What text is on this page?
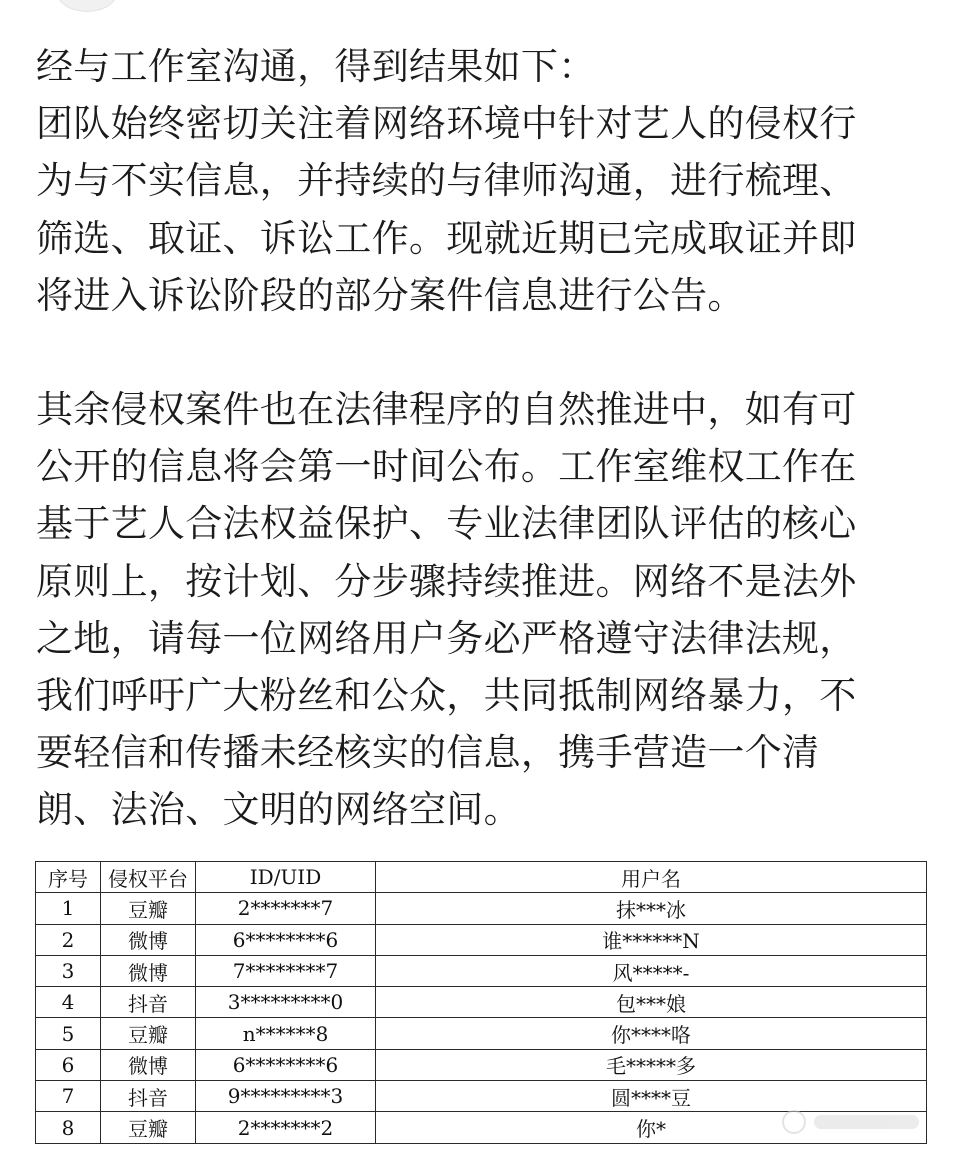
经与工作室沟通，得到结果如下：
团队始终密切关注着网络环境中针对艺人的侵权行
为与不实信息，并持续的与律师沟通，进行梳理、
筛选、取证、诉讼工作。现就近期已完成取证并即
将进入诉讼阶段的部分案件信息进行公告。

其余侵权案件也在法律程序的自然推进中，如有可
公开的信息将会第一时间公布。工作室维权工作在
基于艺人合法权益保护、专业法律团队评估的核心
原则上，按计划、分步骤持续推进。网络不是法外
之地，请每一位网络用户务必严格遵守法律法规，
我们呼吁广大粉丝和公众，共同抵制网络暴力，不
要轻信和传播未经核实的信息，携手营造一个清
朗、法治、文明的网络空间。

序号	侵权平台	ID/UID	用户名
1	豆瓣	2*******7	抹***冰
2	微博	6********6	谁******N
3	微博	7********7	风*****-
4	抖音	3*********0	包***娘
5	豆瓣	n******8	你****咯
6	微博	6********6	毛*****多
7	抖音	9*********3	圆****豆
8	豆瓣	2*******2	你*
